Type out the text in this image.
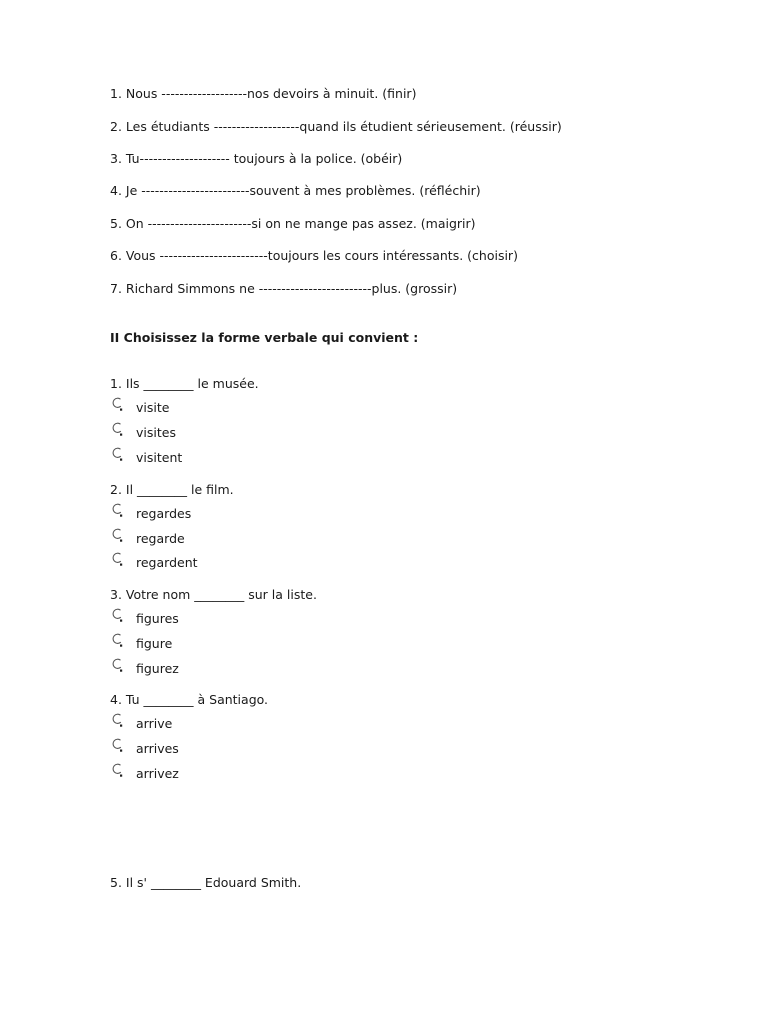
1. Nous -------------------nos devoirs à minuit. (finir)
2. Les étudiants -------------------quand ils étudient sérieusement. (réussir)
3. Tu-------------------- toujours à la police. (obéir)
4. Je ------------------------souvent à mes problèmes. (réfléchir)
5. On -----------------------si on ne mange pas assez. (maigrir)
6. Vous ------------------------toujours les cours intéressants. (choisir)
7. Richard Simmons ne -------------------------plus. (grossir)
II Choisissez la forme verbale qui convient :
1. Ils ________ le musée.
visite
visites
visitent
2. Il ________ le film.
regardes
regarde
regardent
3. Votre nom ________ sur la liste.
figures
figure
figurez
4. Tu ________ à Santiago.
arrive
arrives
arrivez
5. Il s' ________ Edouard Smith.
